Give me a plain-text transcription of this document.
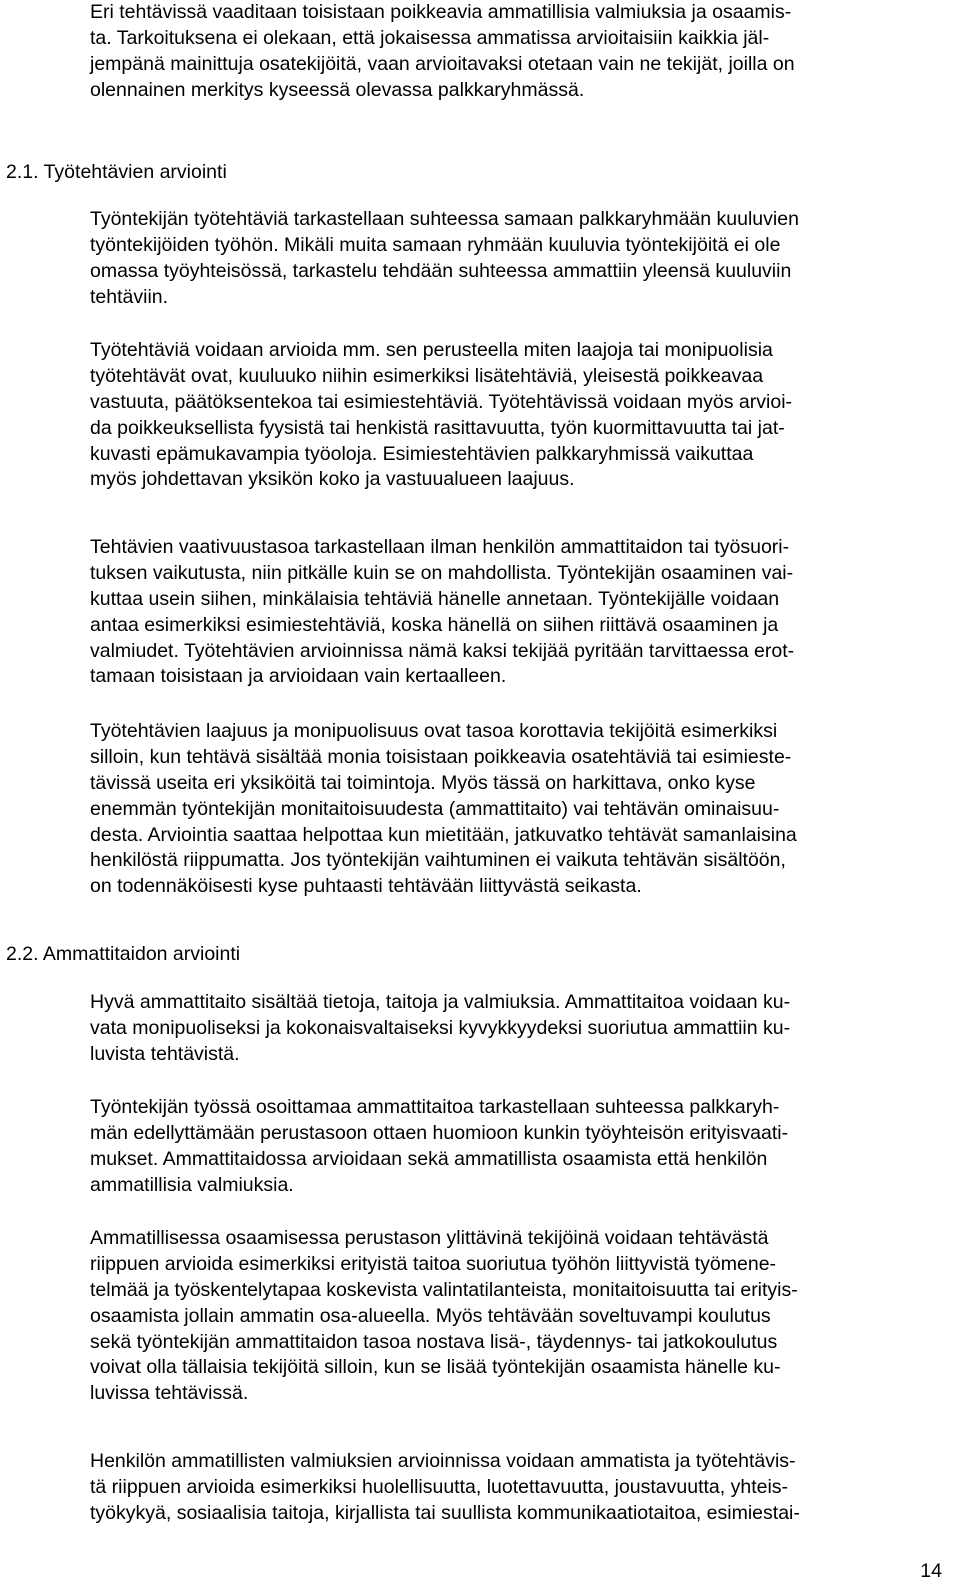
Eri tehtävissä vaaditaan toisistaan poikkeavia ammatillisia valmiuksia ja osaamis-
ta. Tarkoituksena ei olekaan, että jokaisessa ammatissa arvioitaisiin kaikkia jäl-
jempänä mainittuja osatekijöitä, vaan arvioitavaksi otetaan vain ne tekijät, joilla on
olennainen merkitys kyseessä olevassa palkkaryhmässä.
2.1. Työtehtävien arviointi
Työntekijän työtehtäviä tarkastellaan suhteessa samaan palkkaryhmään kuuluvien
työntekijöiden työhön. Mikäli muita samaan ryhmään kuuluvia työntekijöitä ei ole
omassa työyhteisössä, tarkastelu tehdään suhteessa ammattiin yleensä kuuluviin
tehtäviin.
Työtehtäviä voidaan arvioida mm. sen perusteella miten laajoja tai monipuolisia
työtehtävät ovat, kuuluuko niihin esimerkiksi lisätehtäviä, yleisestä poikkeavaa
vastuuta, päätöksentekoa tai esimiestehtäviä. Työtehtävissä voidaan myös arvioi-
da poikkeuksellista fyysistä tai henkistä rasittavuutta, työn kuormittavuutta tai jat-
kuvasti epämukavampia työoloja. Esimiestehtävien palkkaryhmissä vaikuttaa
myös johdettavan yksikön koko ja vastuualueen laajuus.
Tehtävien vaativuustasoa tarkastellaan ilman henkilön ammattitaidon tai työsuori-
tuksen vaikutusta, niin pitkälle kuin se on mahdollista. Työntekijän osaaminen vai-
kuttaa usein siihen, minkälaisia tehtäviä hänelle annetaan. Työntekijälle voidaan
antaa esimerkiksi esimiestehtäviä, koska hänellä on siihen riittävä osaaminen ja
valmiudet. Työtehtävien arvioinnissa nämä kaksi tekijää pyritään tarvittaessa erot-
tamaan toisistaan ja arvioidaan vain kertaalleen.
Työtehtävien laajuus ja monipuolisuus ovat tasoa korottavia tekijöitä esimerkiksi
silloin, kun tehtävä sisältää monia toisistaan poikkeavia osatehtäviä tai esimieste-
tävissä useita eri yksiköitä tai toimintoja. Myös tässä on harkittava, onko kyse
enemmän työntekijän monitaitoisuudesta (ammattitaito) vai tehtävän ominaisuu-
desta. Arviointia saattaa helpottaa kun mietitään, jatkuvatko tehtävät samanlaisina
henkilöstä riippumatta. Jos työntekijän vaihtuminen ei vaikuta tehtävän sisältöön,
on todennäköisesti kyse puhtaasti tehtävään liittyvästä seikasta.
2.2. Ammattitaidon arviointi
Hyvä ammattitaito sisältää tietoja, taitoja ja valmiuksia. Ammattitaitoa voidaan ku-
vata monipuoliseksi ja kokonaisvaltaiseksi kyvykkyydeksi suoriutua ammattiin ku-
luvista tehtävistä.
Työntekijän työssä osoittamaa ammattitaitoa tarkastellaan suhteessa palkkaryh-
män edellyttämään perustasoon ottaen huomioon kunkin työyhteisön erityisvaati-
mukset. Ammattitaidossa arvioidaan sekä ammatillista osaamista että henkilön
ammatillisia valmiuksia.
Ammatillisessa osaamisessa perustason ylittävinä tekijöinä voidaan tehtävästä
riippuen arvioida esimerkiksi erityistä taitoa suoriutua työhön liittyvistä työmene-
telmää ja työskentelytapaa koskevista valintatilanteista, monitaitoisuutta tai erityis-
osaamista jollain ammatin osa-alueella. Myös tehtävään soveltuvampi koulutus
sekä työntekijän ammattitaidon tasoa nostava lisä-, täydennys- tai jatkokoulutus
voivat olla tällaisia tekijöitä silloin, kun se lisää työntekijän osaamista hänelle ku-
luvissa tehtävissä.
Henkilön ammatillisten valmiuksien arvioinnissa voidaan ammatista ja työtehtävis-
tä riippuen arvioida esimerkiksi huolellisuutta, luotettavuutta, joustavuutta, yhteis-
työkykyä, sosiaalisia taitoja, kirjallista tai suullista kommunikaatiotaitoa, esimiestai-
14
